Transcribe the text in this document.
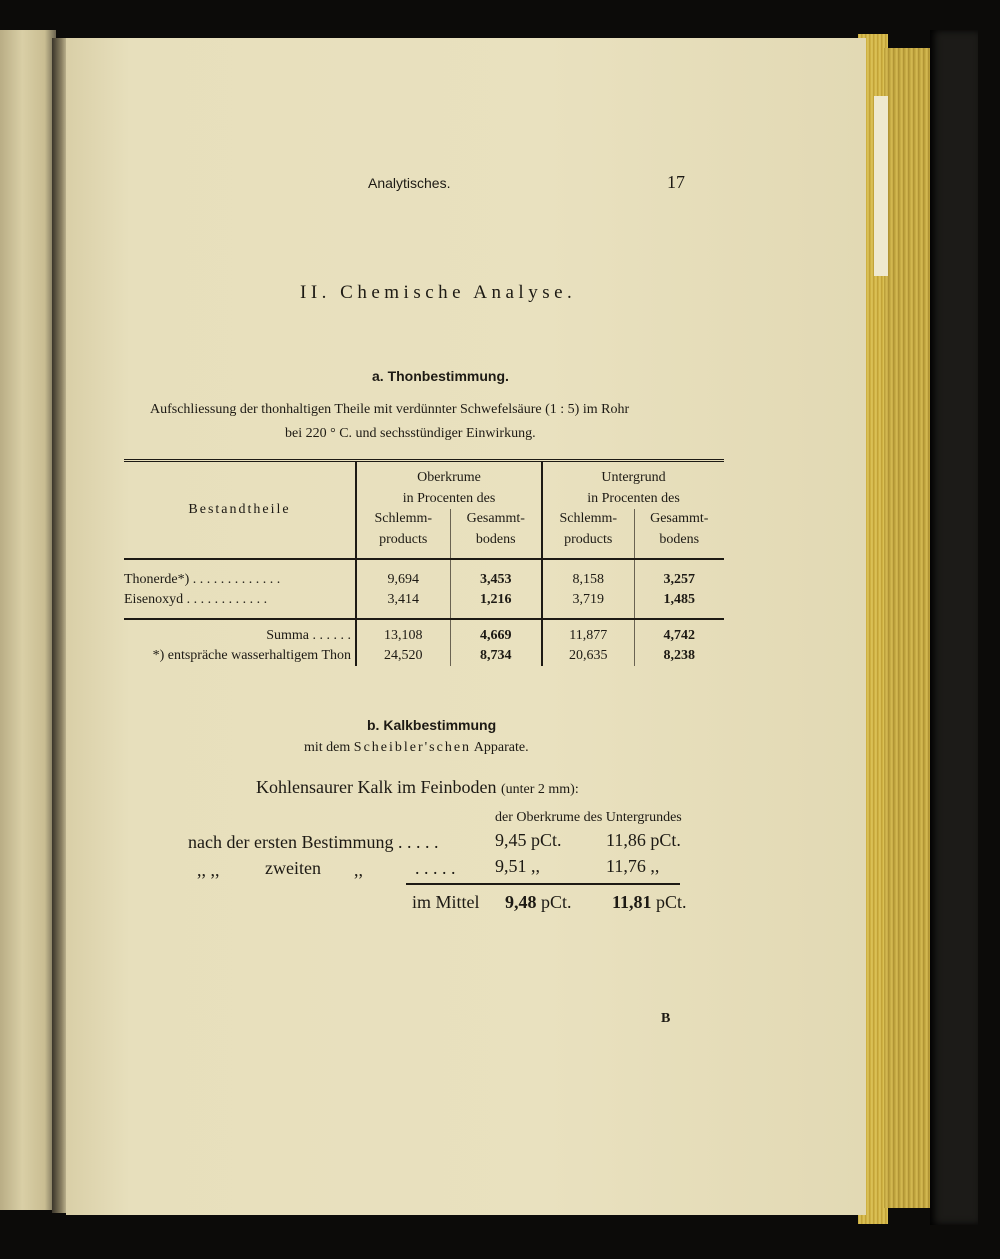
Analytisches.	17
II. Chemische Analyse.
a. Thonbestimmung.
Aufschliessung der thonhaltigen Theile mit verdünnter Schwefelsäure (1 : 5) im Rohr
bei 220 ° C. und sechsstündiger Einwirkung.
Bestandtheile	Oberkrume		Untergrund	
	in Procenten des		in Procenten des	
	Schlemm-	Gesammt-	Schlemm-	Gesammt-
	products	bodens	products	bodens

Thonerde*) . . . . . . . . . . . . .	9,694	3,453	8,158	3,257
Eisenoxyd . . . . . . . . . . . .	3,414	1,216	3,719	1,485

Summa . . . . . .	13,108	4,669	11,877	4,742
*) entspräche wasserhaltigem Thon	24,520	8,734	20,635	8,238
b. Kalkbestimmung
mit dem Scheibler'schen Apparate.
Kohlensaurer Kalk im Feinboden (unter 2 mm):
der Oberkrume des Untergrundes
nach der ersten Bestimmung . . . . .	9,45 pCt. 11,86 pCt.
,, ,,	zweiten ,,	. . . . . 9,51 ,,	11,76 ,,
im Mittel 9,48 pCt. 11,81 pCt.
B
